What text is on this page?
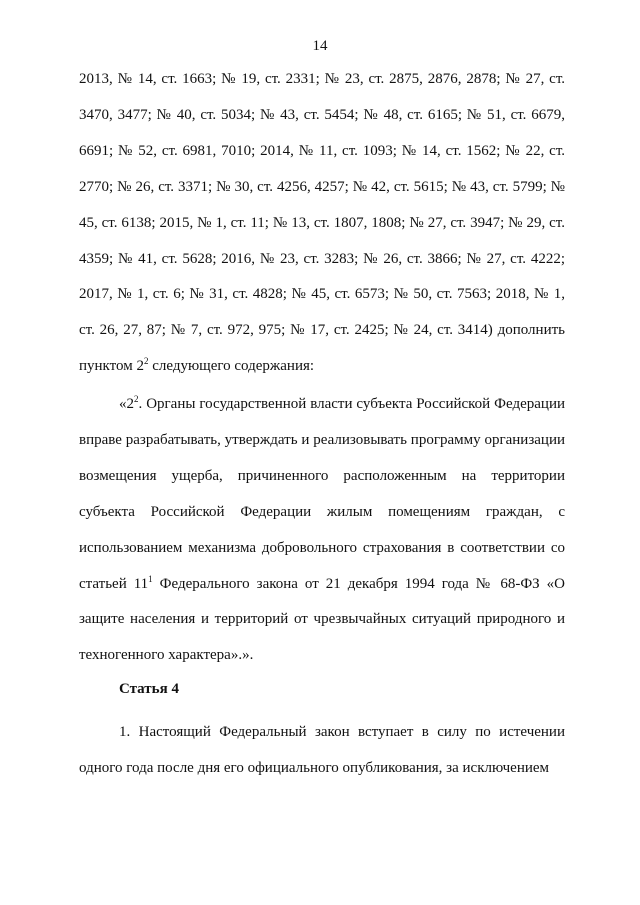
14
2013, № 14, ст. 1663; № 19, ст. 2331; № 23, ст. 2875, 2876, 2878; № 27, ст. 3470, 3477; № 40, ст. 5034; № 43, ст. 5454; № 48, ст. 6165; № 51, ст. 6679, 6691; № 52, ст. 6981, 7010; 2014, № 11, ст. 1093; № 14, ст. 1562; № 22, ст. 2770; № 26, ст. 3371; № 30, ст. 4256, 4257; № 42, ст. 5615; № 43, ст. 5799; № 45, ст. 6138; 2015, № 1, ст. 11; № 13, ст. 1807, 1808; № 27, ст. 3947; № 29, ст. 4359; № 41, ст. 5628; 2016, № 23, ст. 3283; № 26, ст. 3866; № 27, ст. 4222; 2017, № 1, ст. 6; № 31, ст. 4828; № 45, ст. 6573; № 50, ст. 7563; 2018, № 1, ст. 26, 27, 87; № 7, ст. 972, 975; № 17, ст. 2425; № 24, ст. 3414) дополнить пунктом $2^2$ следующего содержания:
«$2^2$. Органы государственной власти субъекта Российской Федерации вправе разрабатывать, утверждать и реализовывать программу организации возмещения ущерба, причиненного расположенным на территории субъекта Российской Федерации жилым помещениям граждан, с использованием механизма добровольного страхования в соответствии со статьей $11^1$ Федерального закона от 21 декабря 1994 года № 68-ФЗ «О защите населения и территорий от чрезвычайных ситуаций природного и техногенного характера».».
Статья 4
1. Настоящий Федеральный закон вступает в силу по истечении одного года после дня его официального опубликования, за исключением
